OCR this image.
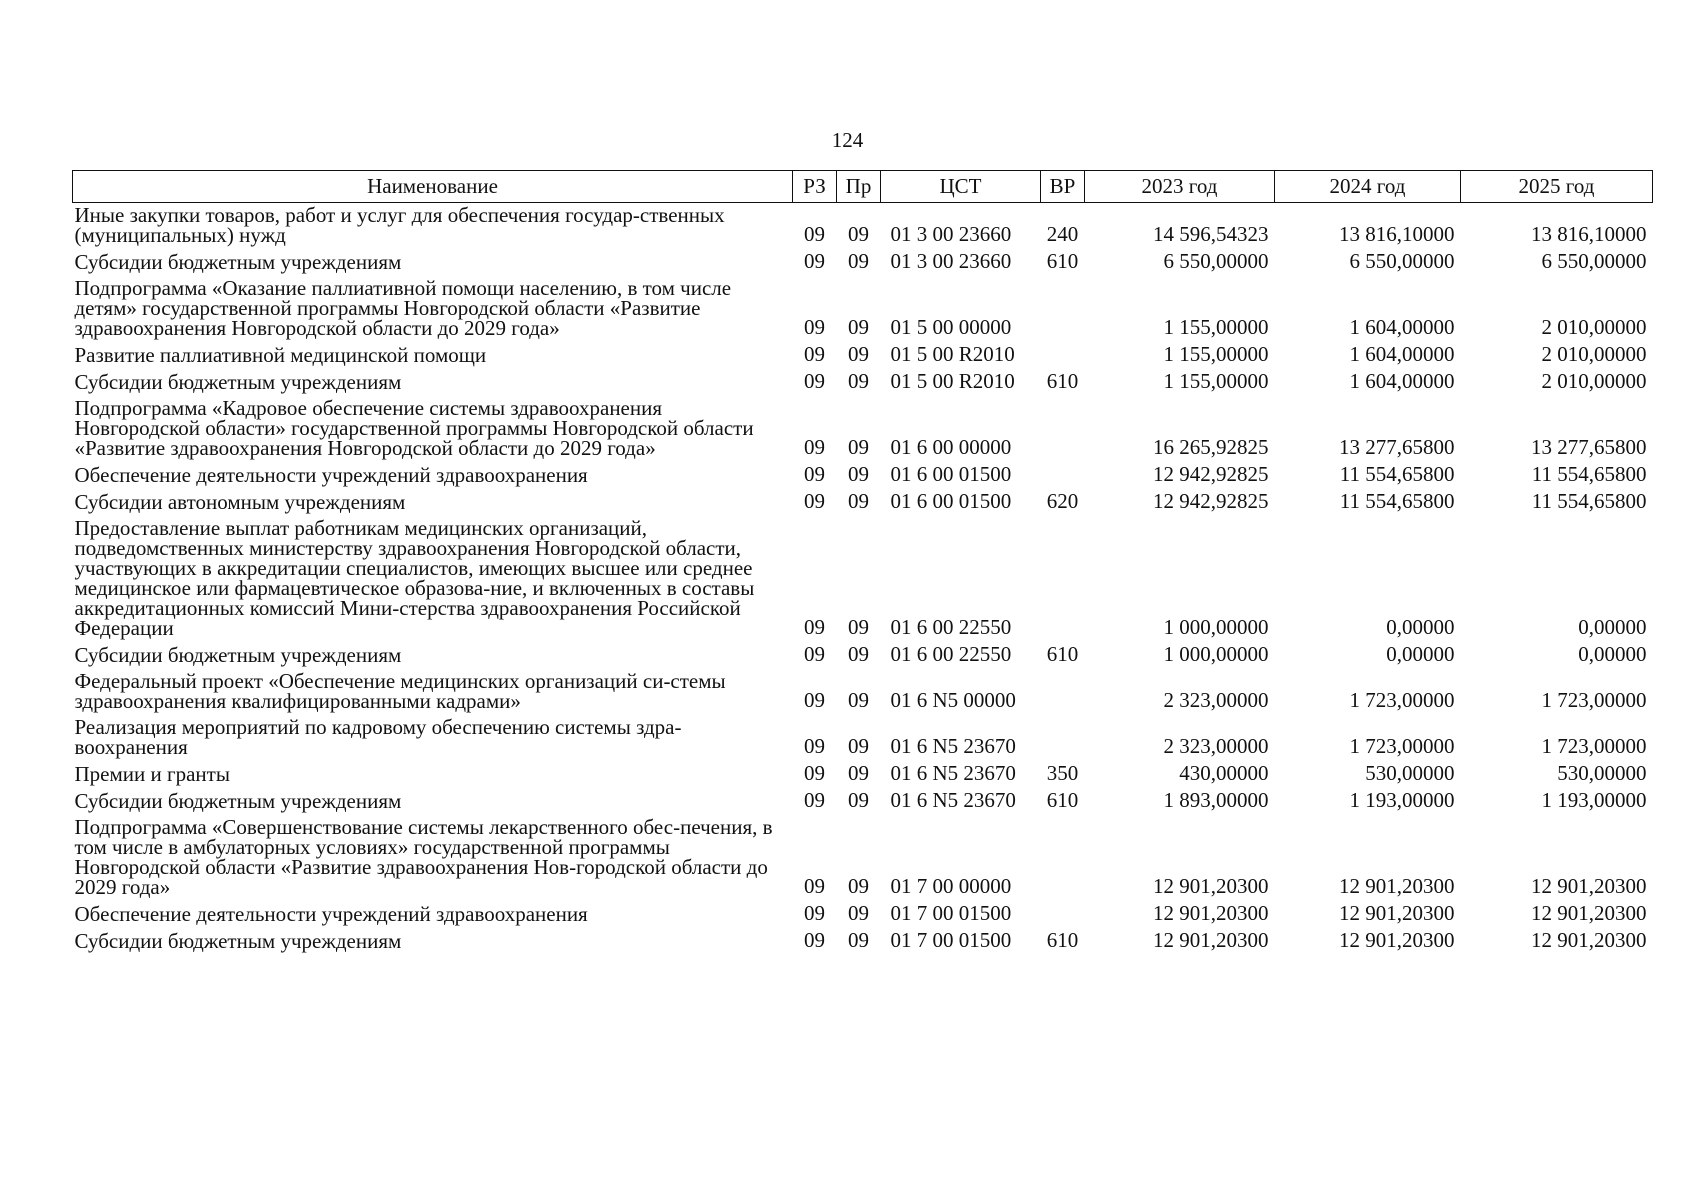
124
Наименование	РЗ	Пр	ЦСТ	ВР	2023 год	2024 год	2025 год
Иные закупки товаров, работ и услуг для обеспечения государ-ственных (муниципальных) нужд	09	09	01 3 00 23660	240	14 596,54323	13 816,10000	13 816,10000
Субсидии бюджетным учреждениям	09	09	01 3 00 23660	610	6 550,00000	6 550,00000	6 550,00000
Подпрограмма «Оказание паллиативной помощи населению, в том числе детям» государственной программы Новгородской области «Развитие здравоохранения Новгородской области до 2029 года»	09	09	01 5 00 00000		1 155,00000	1 604,00000	2 010,00000
Развитие паллиативной медицинской помощи	09	09	01 5 00 R2010		1 155,00000	1 604,00000	2 010,00000
Субсидии бюджетным учреждениям	09	09	01 5 00 R2010	610	1 155,00000	1 604,00000	2 010,00000
Подпрограмма «Кадровое обеспечение системы здравоохранения Новгородской области» государственной программы Новгородской области «Развитие здравоохранения Новгородской области до 2029 года»	09	09	01 6 00 00000		16 265,92825	13 277,65800	13 277,65800
Обеспечение деятельности учреждений здравоохранения	09	09	01 6 00 01500		12 942,92825	11 554,65800	11 554,65800
Субсидии автономным учреждениям	09	09	01 6 00 01500	620	12 942,92825	11 554,65800	11 554,65800
Предоставление выплат работникам медицинских организаций, подведомственных министерству здравоохранения Новгородской области, участвующих в аккредитации специалистов, имеющих высшее или среднее медицинское или фармацевтическое образова-ние, и включенных в составы аккредитационных комиссий Мини-стерства здравоохранения Российской Федерации	09	09	01 6 00 22550		1 000,00000	0,00000	0,00000
Субсидии бюджетным учреждениям	09	09	01 6 00 22550	610	1 000,00000	0,00000	0,00000
Федеральный проект «Обеспечение медицинских организаций си-стемы здравоохранения квалифицированными кадрами»	09	09	01 6 N5 00000		2 323,00000	1 723,00000	1 723,00000
Реализация мероприятий по кадровому обеспечению системы здра-воохранения	09	09	01 6 N5 23670		2 323,00000	1 723,00000	1 723,00000
Премии и гранты	09	09	01 6 N5 23670	350	430,00000	530,00000	530,00000
Субсидии бюджетным учреждениям	09	09	01 6 N5 23670	610	1 893,00000	1 193,00000	1 193,00000
Подпрограмма «Совершенствование системы лекарственного обес-печения, в том числе в амбулаторных условиях» государственной программы Новгородской области «Развитие здравоохранения Нов-городской области до 2029 года»	09	09	01 7 00 00000		12 901,20300	12 901,20300	12 901,20300
Обеспечение деятельности учреждений здравоохранения	09	09	01 7 00 01500		12 901,20300	12 901,20300	12 901,20300
Субсидии бюджетным учреждениям	09	09	01 7 00 01500	610	12 901,20300	12 901,20300	12 901,20300
